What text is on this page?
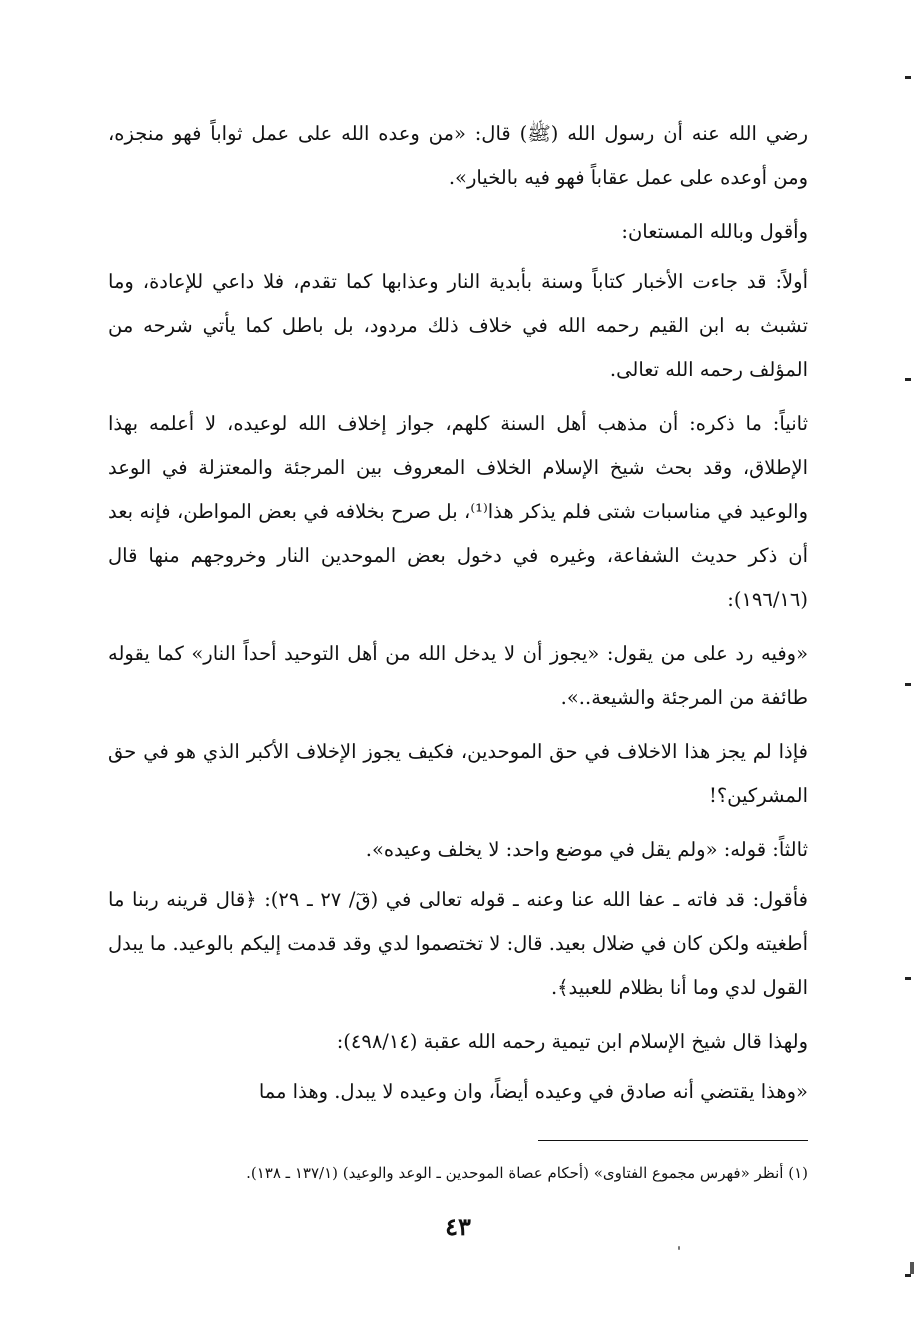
رضي الله عنه أن رسول الله (ﷺ) قال: «من وعده الله على عمل ثواباً فهو منجزه، ومن أوعده على عمل عقاباً فهو فيه بالخيار».

وأقول وبالله المستعان:

أولاً: قد جاءت الأخبار كتاباً وسنة بأبدية النار وعذابها كما تقدم، فلا داعي للإعادة، وما تشبث به ابن القيم رحمه الله في خلاف ذلك مردود، بل باطل كما يأتي شرحه من المؤلف رحمه الله تعالى.

ثانياً: ما ذكره: أن مذهب أهل السنة كلهم، جواز إخلاف الله لوعيده، لا أعلمه بهذا الإطلاق، وقد بحث شيخ الإسلام الخلاف المعروف بين المرجئة والمعتزلة في الوعد والوعيد في مناسبات شتى فلم يذكر هذا⁽¹⁾، بل صرح بخلافه في بعض المواطن، فإنه بعد أن ذكر حديث الشفاعة، وغيره في دخول بعض الموحدين النار وخروجهم منها قال (١٩٦/١٦):

«وفيه رد على من يقول: «يجوز أن لا يدخل الله من أهل التوحيد أحداً النار» كما يقوله طائفة من المرجئة والشيعة..».

فإذا لم يجز هذا الاخلاف في حق الموحدين، فكيف يجوز الإخلاف الأكبر الذي هو في حق المشركين؟!

ثالثاً: قوله: «ولم يقل في موضع واحد: لا يخلف وعيده».

فأقول: قد فاته ـ عفا الله عنا وعنه ـ قوله تعالى في (قٓ/ ٢٧ ـ ٢٩): ﴿قال قرينه ربنا ما أطغيته ولكن كان في ضلال بعيد. قال: لا تختصموا لدي وقد قدمت إليكم بالوعيد. ما يبدل القول لدي وما أنا بظلام للعبيد﴾.

ولهذا قال شيخ الإسلام ابن تيمية رحمه الله عقبة (٤٩٨/١٤):

«وهذا يقتضي أنه صادق في وعيده أيضاً، وان وعيده لا يبدل. وهذا مما

(١) أنظر «فهرس مجموع الفتاوى» (أحكام عصاة الموحدين ـ الوعد والوعيد) (١٣٧/١ ـ ١٣٨).
٤٣
